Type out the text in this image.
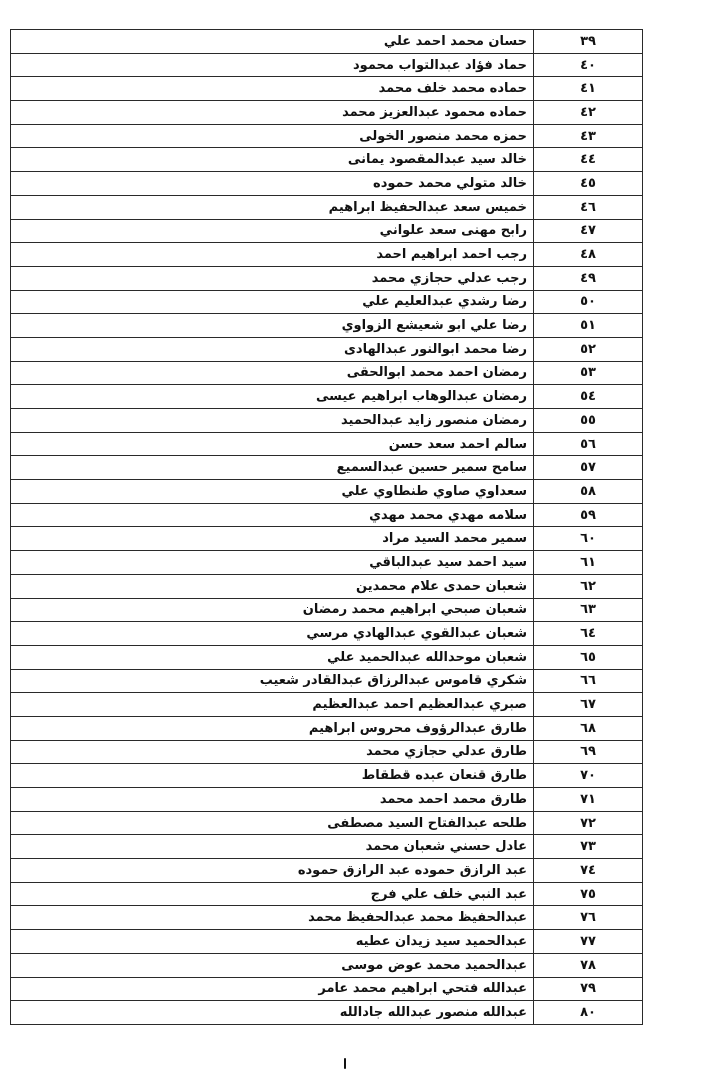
٣٩	حسان محمد احمد علي
٤٠	حماد فؤاد عبدالتواب محمود
٤١	حماده محمد خلف محمد
٤٢	حماده محمود عبدالعزيز محمد
٤٣	حمزه محمد منصور الخولى
٤٤	خالد سيد عبدالمقصود يمانى
٤٥	خالد متولي محمد حموده
٤٦	خميس سعد عبدالحفيظ ابراهيم
٤٧	رابح مهنى سعد علواني
٤٨	رجب احمد ابراهيم احمد
٤٩	رجب عدلي حجازي محمد
٥٠	رضا رشدي عبدالعليم علي
٥١	رضا علي ابو شعيشع الزواوي
٥٢	رضا محمد ابوالنور عبدالهادى
٥٣	رمضان احمد محمد ابوالحقى
٥٤	رمضان عبدالوهاب ابراهيم عيسى
٥٥	رمضان منصور زايد عبدالحميد
٥٦	سالم احمد سعد حسن
٥٧	سامح سمير حسين عبدالسميع
٥٨	سعداوي صاوي طنطاوي علي
٥٩	سلامه مهدي محمد مهدي
٦٠	سمير محمد السيد مراد
٦١	سيد احمد سيد عبدالباقي
٦٢	شعبان حمدى علام محمدين
٦٣	شعبان صبحي ابراهيم محمد رمضان
٦٤	شعبان عبدالقوي عبدالهادي مرسي
٦٥	شعبان موحدالله عبدالحميد علي
٦٦	شكري قاموس عبدالرزاق عبدالقادر شعيب
٦٧	صبري عبدالعظيم احمد عبدالعظيم
٦٨	طارق عبدالرؤوف محروس ابراهيم
٦٩	طارق عدلي حجازي محمد
٧٠	طارق قنعان عبده قطقاط
٧١	طارق محمد احمد محمد
٧٢	طلحه عبدالفتاح السيد مصطفى
٧٣	عادل حسني شعبان محمد
٧٤	عبد الرازق حموده عبد الرازق حموده
٧٥	عبد النبي خلف علي فرج
٧٦	عبدالحفيظ محمد عبدالحفيظ محمد
٧٧	عبدالحميد سيد زيدان عطيه
٧٨	عبدالحميد محمد عوض موسى
٧٩	عبدالله فتحي ابراهيم محمد عامر
٨٠	عبدالله منصور عبدالله جادالله
